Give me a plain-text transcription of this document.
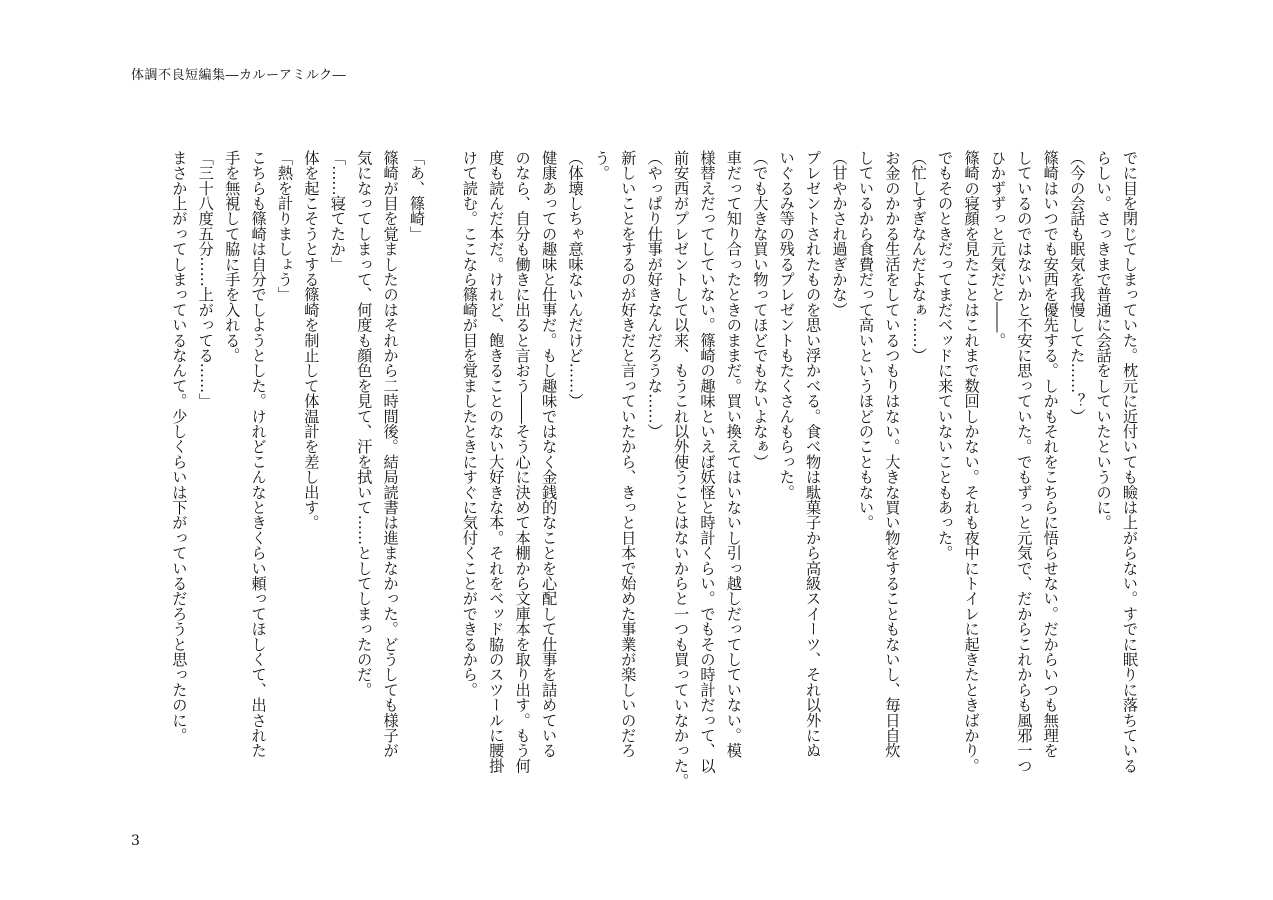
体調不良短編集―カルーアミルク―
でに目を閉じてしまっていた。枕元に近付いても瞼は上がらない。すでに眠りに落ちている
らしい。さっきまで普通に会話をしていたというのに。
（今の会話も眠気を我慢してた……？）
篠崎はいつでも安西を優先する。しかもそれをこちらに悟らせない。だからいつも無理を
しているのではないかと不安に思っていた。でもずっと元気で、だからこれからも風邪一つ
ひかずずっと元気だと――。
篠崎の寝顔を見たことはこれまで数回しかない。それも夜中にトイレに起きたときばかり。
でもそのときだってまだベッドに来ていないこともあった。
（忙しすぎなんだよなぁ……）
お金のかかる生活をしているつもりはない。大きな買い物をすることもないし、毎日自炊
しているから食費だって高いというほどのこともない。
（甘やかされ過ぎかな）
プレゼントされたものを思い浮かべる。食べ物は駄菓子から高級スイーツ、それ以外にぬ
いぐるみ等の残るプレゼントもたくさんもらった。
（でも大きな買い物ってほどでもないよなぁ）
車だって知り合ったときのままだ。買い換えてはいないし引っ越しだってしていない。模
様替えだってしていない。篠崎の趣味といえば妖怪と時計くらい。でもその時計だって、以
前安西がプレゼントして以来、もうこれ以外使うことはないからと一つも買っていなかった。
（やっぱり仕事が好きなんだろうな……）
新しいことをするのが好きだと言っていたから、きっと日本で始めた事業が楽しいのだろ
う。
（体壊しちゃ意味ないんだけど……）
健康あっての趣味と仕事だ。もし趣味ではなく金銭的なことを心配して仕事を詰めている
のなら、自分も働きに出ると言おう――そう心に決めて本棚から文庫本を取り出す。もう何
度も読んだ本だ。けれど、飽きることのない大好きな本。それをベッド脇のスツールに腰掛
けて読む。ここなら篠崎が目を覚ましたときにすぐに気付くことができるから。

「あ、篠崎」
篠崎が目を覚ましたのはそれから二時間後。結局読書は進まなかった。どうしても様子が
気になってしまって、何度も顔色を見て、汗を拭いて……としてしまったのだ。
「……寝てたか」
体を起こそうとする篠崎を制止して体温計を差し出す。
「熱を計りましょう」
こちらも篠崎は自分でしようとした。けれどこんなときくらい頼ってほしくて、出された
手を無視して脇に手を入れる。
「三十八度五分……上がってる……」
まさか上がってしまっているなんて。少しくらいは下がっているだろうと思ったのに。
3
